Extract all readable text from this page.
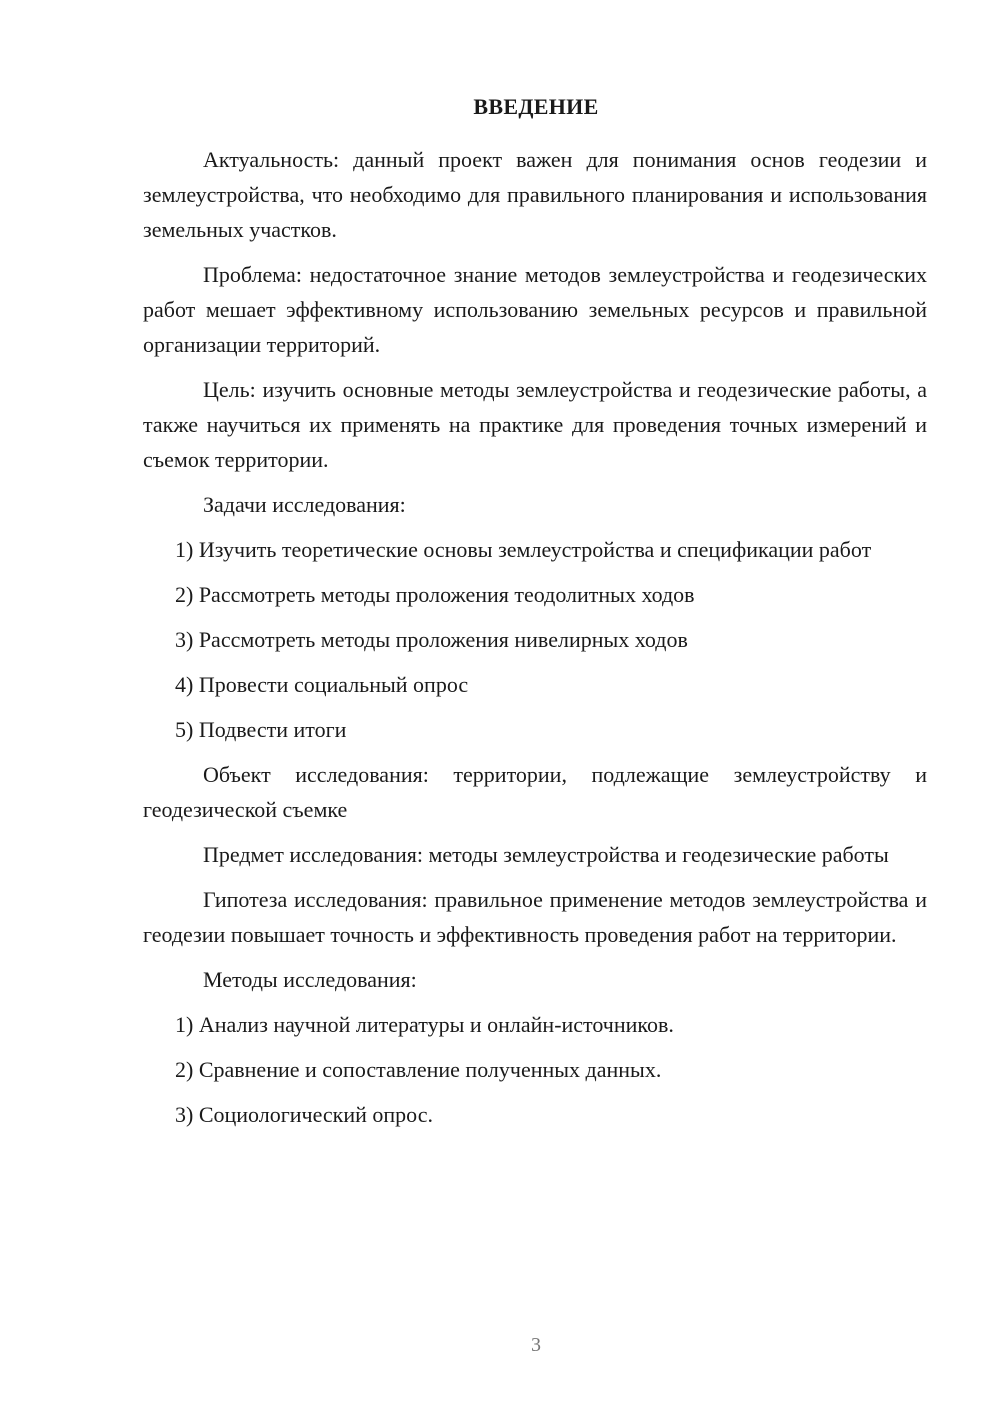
ВВЕДЕНИЕ

Актуальность: данный проект важен для понимания основ геодезии и землеустройства, что необходимо для правильного планирования и использования земельных участков.

Проблема: недостаточное знание методов землеустройства и геодезических работ мешает эффективному использованию земельных ресурсов и правильной организации территорий.

Цель: изучить основные методы землеустройства и геодезические работы, а также научиться их применять на практике для проведения точных измерений и съемок территории.

Задачи исследования:

1) Изучить теоретические основы землеустройства и спецификации работ

2) Рассмотреть методы проложения теодолитных ходов

3) Рассмотреть методы проложения нивелирных ходов

4) Провести социальный опрос

5) Подвести итоги

Объект исследования: территории, подлежащие землеустройству и геодезической съемке

Предмет исследования: методы землеустройства и геодезические работы

Гипотеза исследования: правильное применение методов землеустройства и геодезии повышает точность и эффективность проведения работ на территории.

Методы исследования:

1) Анализ научной литературы и онлайн-источников.

2) Сравнение и сопоставление полученных данных.

3) Социологический опрос.

3
